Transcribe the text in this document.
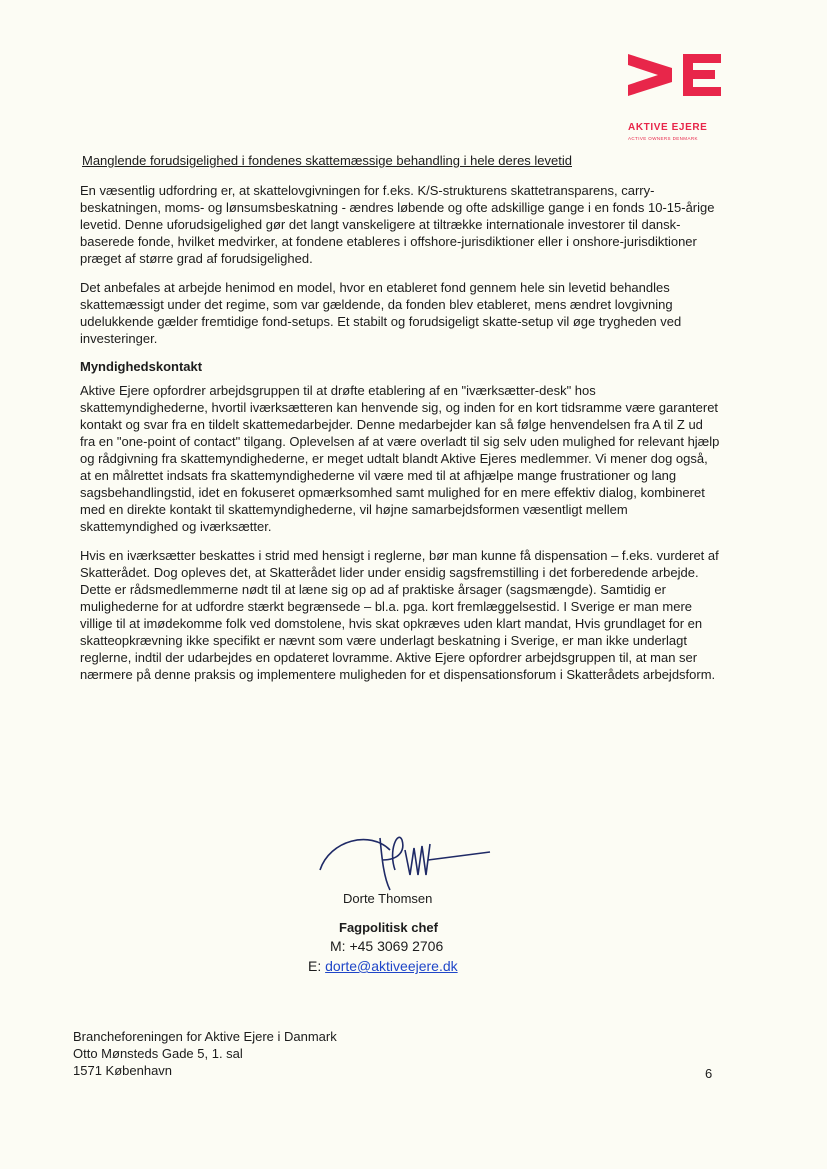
AKTIVE EJERE
ACTIVE OWNERS DENMARK
Manglende forudsigelighed i fondenes skattemæssige behandling i hele deres levetid

En væsentlig udfordring er, at skattelovgivningen for f.eks. K/S-strukturens skattetransparens, carry-beskatningen, moms- og lønsumsbeskatning - ændres løbende og ofte adskillige gange i en fonds 10-15-årige levetid. Denne uforudsigelighed gør det langt vanskeligere at tiltrække internationale investorer til dansk-baserede fonde, hvilket medvirker, at fondene etableres i offshore-jurisdiktioner eller i onshore-jurisdiktioner præget af større grad af forudsigelighed.

Det anbefales at arbejde henimod en model, hvor en etableret fond gennem hele sin levetid behandles skattemæssigt under det regime, som var gældende, da fonden blev etableret, mens ændret lovgivning udelukkende gælder fremtidige fond-setups. Et stabilt og forudsigeligt skatte-setup vil øge trygheden ved investeringer.

Myndighedskontakt

Aktive Ejere opfordrer arbejdsgruppen til at drøfte etablering af en "iværksætter-desk" hos skattemyndighederne, hvortil iværksætteren kan henvende sig, og inden for en kort tidsramme være garanteret kontakt og svar fra en tildelt skattemedarbejder. Denne medarbejder kan så følge henvendelsen fra A til Z ud fra en "one-point of contact" tilgang. Oplevelsen af at være overladt til sig selv uden mulighed for relevant hjælp og rådgivning fra skattemyndighederne, er meget udtalt blandt Aktive Ejeres medlemmer. Vi mener dog også, at en målrettet indsats fra skattemyndighederne vil være med til at afhjælpe mange frustrationer og lang sagsbehandlingstid, idet en fokuseret opmærksomhed samt mulighed for en mere effektiv dialog, kombineret med en direkte kontakt til skattemyndighederne, vil højne samarbejdsformen væsentligt mellem skattemyndighed og iværksætter.

Hvis en iværksætter beskattes i strid med hensigt i reglerne, bør man kunne få dispensation – f.eks. vurderet af Skatterådet. Dog opleves det, at Skatterådet lider under ensidig sagsfremstilling i det forberedende arbejde. Dette er rådsmedlemmerne nødt til at læne sig op ad af praktiske årsager (sagsmængde). Samtidig er mulighederne for at udfordre stærkt begrænsede – bl.a. pga. kort fremlæggelsestid. I Sverige er man mere villige til at imødekomme folk ved domstolene, hvis skat opkræves uden klart mandat, Hvis grundlaget for en skatteopkrævning ikke specifikt er nævnt som være underlagt beskatning i Sverige, er man ikke underlagt reglerne, indtil der udarbejdes en opdateret lovramme. Aktive Ejere opfordrer arbejdsgruppen til, at man ser nærmere på denne praksis og implementere muligheden for et dispensationsforum i Skatterådets arbejdsform.

Dorte Thomsen
Fagpolitisk chef
M: +45 3069 2706
E: dorte@aktiveejere.dk
Brancheforeningen for Aktive Ejere i Danmark
Otto Mønsteds Gade 5, 1. sal
1571 København	6
